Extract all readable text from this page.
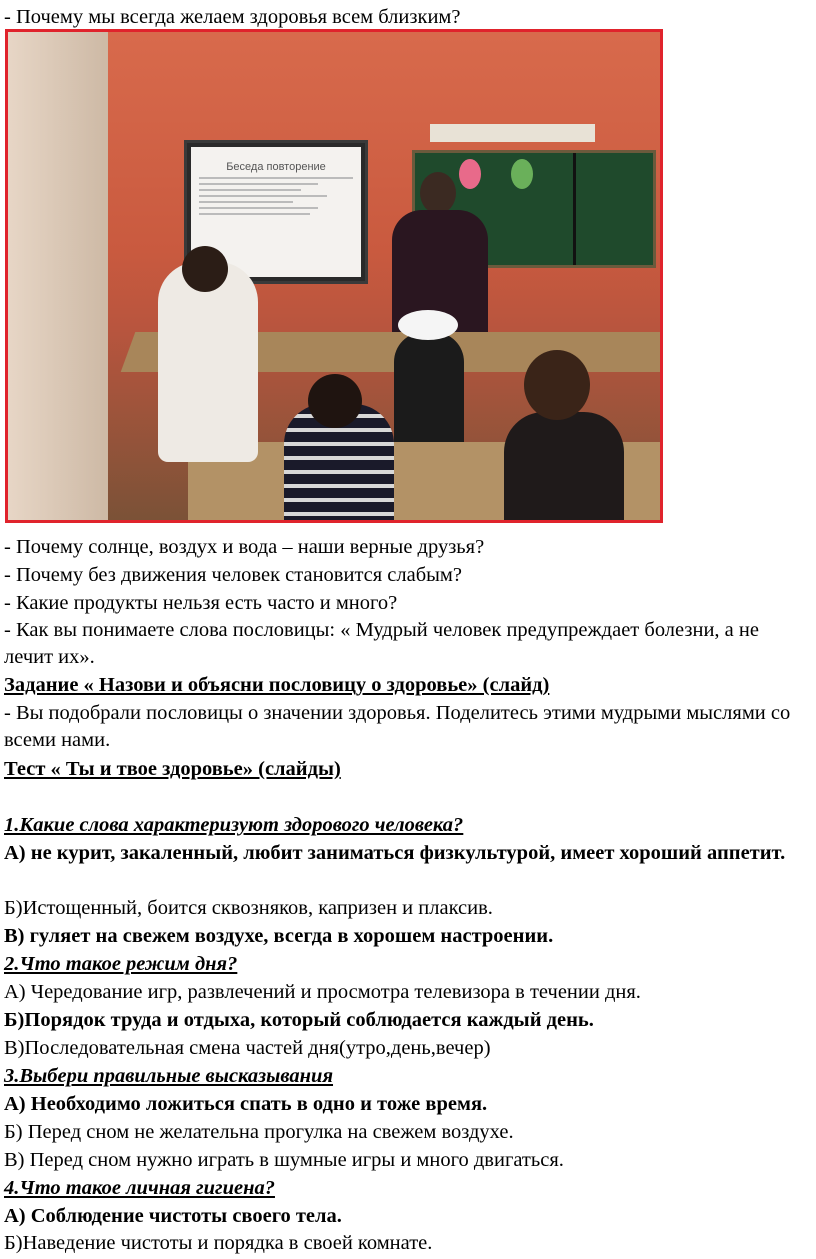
- Почему мы всегда желаем здоровья всем близким?
Беседа повторение
- Почему солнце, воздух и вода – наши верные друзья?
- Почему без движения человек становится слабым?
- Какие продукты нельзя есть часто и много?
- Как вы понимаете слова пословицы: « Мудрый человек предупреждает болезни, а не лечит их».
Задание « Назови и объясни пословицу о здоровье» (слайд)
- Вы подобрали пословицы о значении здоровья. Поделитесь этими мудрыми мыслями со всеми нами.
Тест « Ты и твое здоровье» (слайды)
1.Какие слова характеризуют здорового человека?
А) не курит, закаленный, любит заниматься физкультурой, имеет хороший аппетит.
Б)Истощенный, боится сквозняков, капризен и плаксив.
В) гуляет на свежем воздухе, всегда в хорошем настроении.
2.Что такое режим дня?
А) Чередование игр, развлечений и просмотра телевизора в течении дня.
Б)Порядок труда и отдыха, который соблюдается каждый день.
В)Последовательная смена частей дня(утро,день,вечер)
3.Выбери правильные высказывания
А) Необходимо ложиться спать в одно и тоже время.
Б) Перед сном не желательна прогулка на свежем воздухе.
В) Перед сном нужно играть в шумные игры и много двигаться.
4.Что такое личная гигиена?
А) Соблюдение чистоты своего тела.
Б)Наведение чистоты и порядка в своей комнате.
